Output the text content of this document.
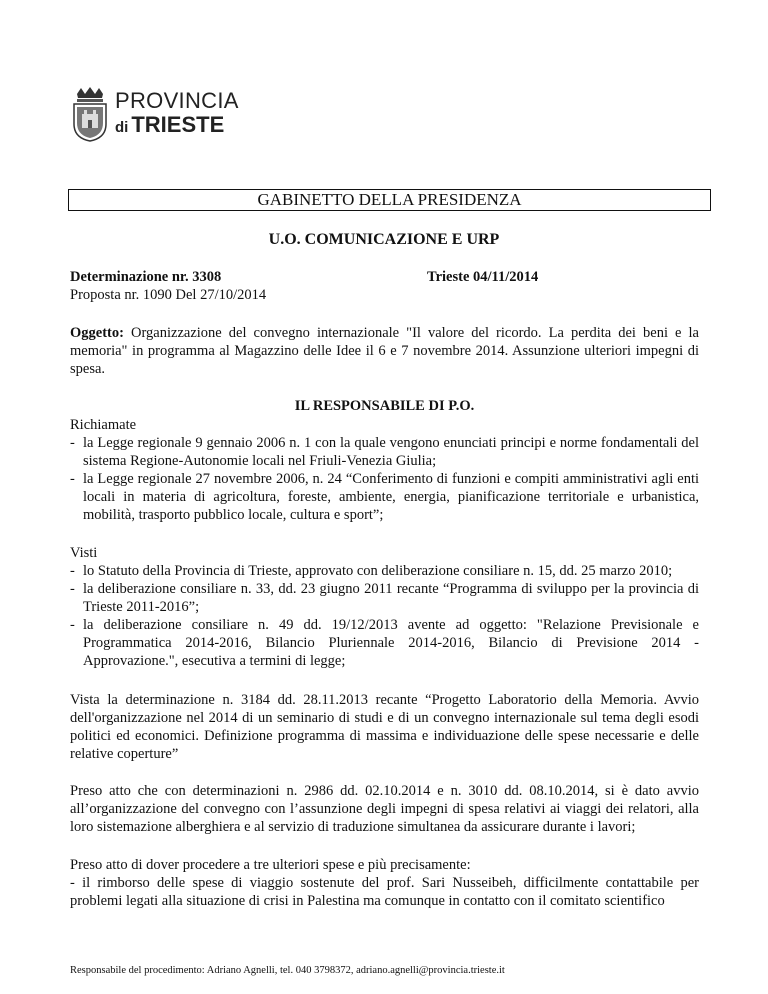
PROVINCIA
di TRIESTE
GABINETTO DELLA PRESIDENZA
U.O. COMUNICAZIONE E URP
Determinazione nr. 3308
Proposta nr. 1090 Del 27/10/2014
Trieste 04/11/2014

Oggetto: Organizzazione del convegno internazionale "Il valore del ricordo. La perdita dei beni e la memoria" in programma al Magazzino delle Idee il 6 e 7 novembre 2014. Assunzione ulteriori impegni di spesa.

IL RESPONSABILE DI P.O.
Richiamate
- la Legge regionale 9 gennaio 2006 n. 1 con la quale vengono enunciati principi e norme fondamentali del sistema Regione-Autonomie locali nel Friuli-Venezia Giulia;
- la Legge regionale 27 novembre 2006, n. 24 “Conferimento di funzioni e compiti amministrativi agli enti locali in materia di agricoltura, foreste, ambiente, energia, pianificazione territoriale e urbanistica, mobilità, trasporto pubblico locale, cultura e sport”;
Visti
- lo Statuto della Provincia di Trieste, approvato con deliberazione consiliare n. 15, dd. 25 marzo 2010;
- la deliberazione consiliare n. 33, dd. 23 giugno 2011 recante “Programma di sviluppo per la provincia di Trieste 2011-2016”;
- la deliberazione consiliare n. 49 dd. 19/12/2013 avente ad oggetto: "Relazione Previsionale e Programmatica 2014-2016, Bilancio Pluriennale 2014-2016, Bilancio di Previsione 2014 - Approvazione.", esecutiva a termini di legge;

Vista la determinazione n. 3184 dd. 28.11.2013 recante “Progetto Laboratorio della Memoria. Avvio dell'organizzazione nel 2014 di un seminario di studi e di un convegno internazionale sul tema degli esodi politici ed economici. Definizione programma di massima e individuazione delle spese necessarie e delle relative coperture”

Preso atto che con determinazioni n. 2986 dd. 02.10.2014 e n. 3010 dd. 08.10.2014, si è dato avvio all’organizzazione del convegno con l’assunzione degli impegni di spesa relativi ai viaggi dei relatori, alla loro sistemazione alberghiera e al servizio di traduzione simultanea da assicurare durante i lavori;

Preso atto di dover procedere a tre ulteriori spese e più precisamente:
- il rimborso delle spese di viaggio sostenute del prof. Sari Nusseibeh, difficilmente contattabile per problemi legati alla situazione di crisi in Palestina ma comunque in contatto con il comitato scientifico
Responsabile del procedimento: Adriano Agnelli, tel. 040 3798372, adriano.agnelli@provincia.trieste.it
